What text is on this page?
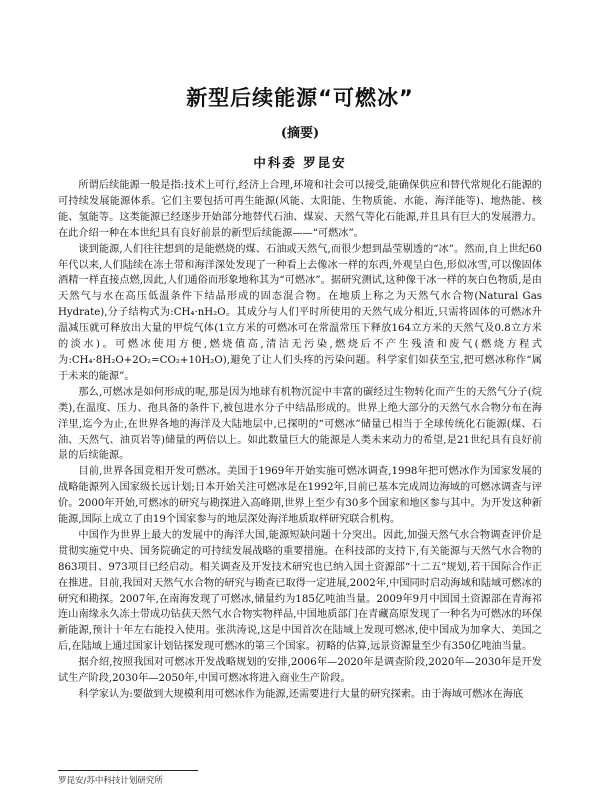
新型后续能源“可燃冰”
(摘要)
中科委 罗昆安

所谓后续能源一般是指:技术上可行,经济上合理,环境和社会可以接受,能确保供应和替代常规化石能源的可持续发展能源体系。它们主要包括可再生能源(风能、太阳能、生物质能、水能、海洋能等)、地热能、核能、氢能等。这类能源已经逐步开始部分地替代石油、煤炭、天然气等化石能源,并且具有巨大的发展潜力。在此介绍一种在本世纪具有良好前景的新型后续能源——“可燃冰”。

谈到能源,人们往往想到的是能燃烧的煤、石油或天然气,而很少想到晶莹剔透的“冰”。然而,自上世纪60年代以来,人们陆续在冻土带和海洋深处发现了一种看上去像冰一样的东西,外观呈白色,形似冰雪,可以像固体酒精一样直接点燃,因此,人们通俗而形象地称其为“可燃冰”。据研究测试,这种像干冰一样的灰白色物质,是由天然气与水在高压低温条件下结晶形成的固态混合物。在地质上称之为天然气水合物(Natural Gas Hydrate),分子结构式为:CH₄·nH₂O。其成分与人们平时所使用的天然气成分相近,只需将固体的可燃冰升温减压就可释放出大量的甲烷气体(1立方米的可燃冰可在常温常压下释放164立方米的天然气及0.8立方米的淡水)。可燃冰使用方便,燃烧值高,清洁无污染,燃烧后不产生残渣和废气(燃烧方程式为:CH₄·8H₂O+2O₂=CO₂+10H₂O),避免了让人们头疼的污染问题。科学家们如获至宝,把可燃冰称作“属于未来的能源”。

那么,可燃冰是如何形成的呢,那是因为地球有机物沉淀中丰富的碳经过生物转化而产生的天然气分子(烷类),在温度、压力、孢具备的条件下,被包进水分子中结晶形成的。世界上绝大部分的天然气水合物分布在海洋里,迄今为止,在世界各地的海洋及大陆地层中,已探明的“可燃冰”储量已相当于全球传统化石能源(煤、石油、天然气、油页岩等)储量的两倍以上。如此数量巨大的能源是人类未来动力的希望,是21世纪具有良好前景的后续能源。

目前,世界各国竞相开发可燃冰。美国于1969年开始实施可燃冰调查,1998年把可燃冰作为国家发展的战略能源列入国家级长远计划;日本开始关注可燃冰是在1992年,目前已基本完成周边海域的可燃冰调查与评价。2000年开始,可燃冰的研究与勘探进入高峰期,世界上至少有30多个国家和地区参与其中。为开发这种新能源,国际上成立了由19个国家参与的地层深处海洋地质取样研究联合机构。

中国作为世界上最大的发展中的海洋大国,能源短缺问题十分突出。因此,加强天然气水合物调查评价是贯彻实施党中央、国务院确定的可持续发展战略的重要措施。在科技部的支持下,有关能源与天然气水合物的863项目、973项目已经启动。相关调查及开发技术研究也已纳入国土资源部“十二五”规划,若干国际合作正在推进。目前,我国对天然气水合物的研究与勘查已取得一定进展,2002年,中国同时启动海域和陆域可燃冰的研究和勘探。2007年,在南海发现了可燃冰,储量约为185亿吨油当量。2009年9月中国国土资源部在青海祁连山南缘永久冻土带成功钻获天然气水合物实物样品,中国地质部门在青藏高原发现了一种名为可燃冰的环保新能源,预计十年左右能投入使用。张洪涛说,这是中国首次在陆域上发现可燃冰,使中国成为加拿大、美国之后,在陆域上通过国家计划钻探发现可燃冰的第三个国家。初略的估算,远景资源量至少有350亿吨油当量。

据介绍,按照我国对可燃冰开发战略规划的安排,2006年—2020年是调查阶段,2020年—2030年是开发试生产阶段,2030年—2050年,中国可燃冰将进入商业生产阶段。

科学家认为:要做到大规模利用可燃冰作为能源,还需要进行大量的研究探索。由于海域可燃冰在海底

罗昆安/苏中科技计划研究所
